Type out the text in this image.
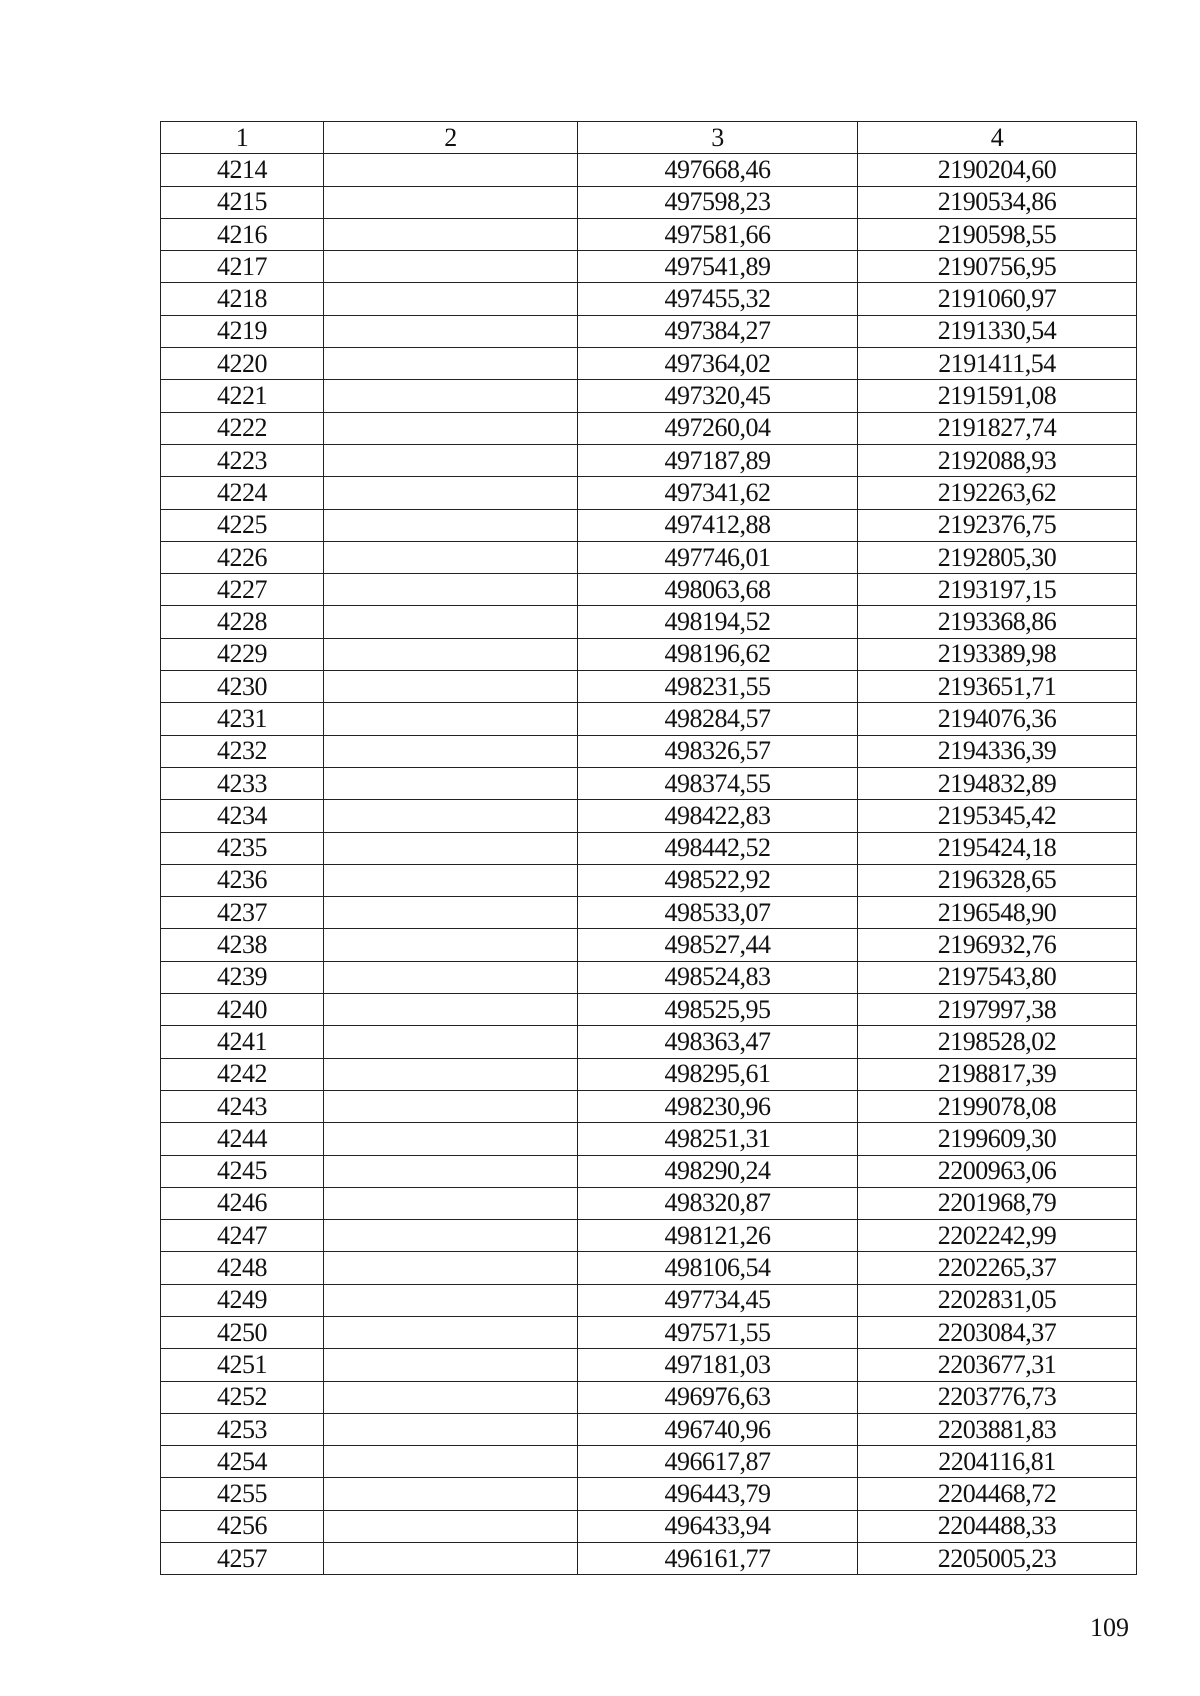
1	2	3	4
4214		497668,46	2190204,60
4215		497598,23	2190534,86
4216		497581,66	2190598,55
4217		497541,89	2190756,95
4218		497455,32	2191060,97
4219		497384,27	2191330,54
4220		497364,02	2191411,54
4221		497320,45	2191591,08
4222		497260,04	2191827,74
4223		497187,89	2192088,93
4224		497341,62	2192263,62
4225		497412,88	2192376,75
4226		497746,01	2192805,30
4227		498063,68	2193197,15
4228		498194,52	2193368,86
4229		498196,62	2193389,98
4230		498231,55	2193651,71
4231		498284,57	2194076,36
4232		498326,57	2194336,39
4233		498374,55	2194832,89
4234		498422,83	2195345,42
4235		498442,52	2195424,18
4236		498522,92	2196328,65
4237		498533,07	2196548,90
4238		498527,44	2196932,76
4239		498524,83	2197543,80
4240		498525,95	2197997,38
4241		498363,47	2198528,02
4242		498295,61	2198817,39
4243		498230,96	2199078,08
4244		498251,31	2199609,30
4245		498290,24	2200963,06
4246		498320,87	2201968,79
4247		498121,26	2202242,99
4248		498106,54	2202265,37
4249		497734,45	2202831,05
4250		497571,55	2203084,37
4251		497181,03	2203677,31
4252		496976,63	2203776,73
4253		496740,96	2203881,83
4254		496617,87	2204116,81
4255		496443,79	2204468,72
4256		496433,94	2204488,33
4257		496161,77	2205005,23
109
